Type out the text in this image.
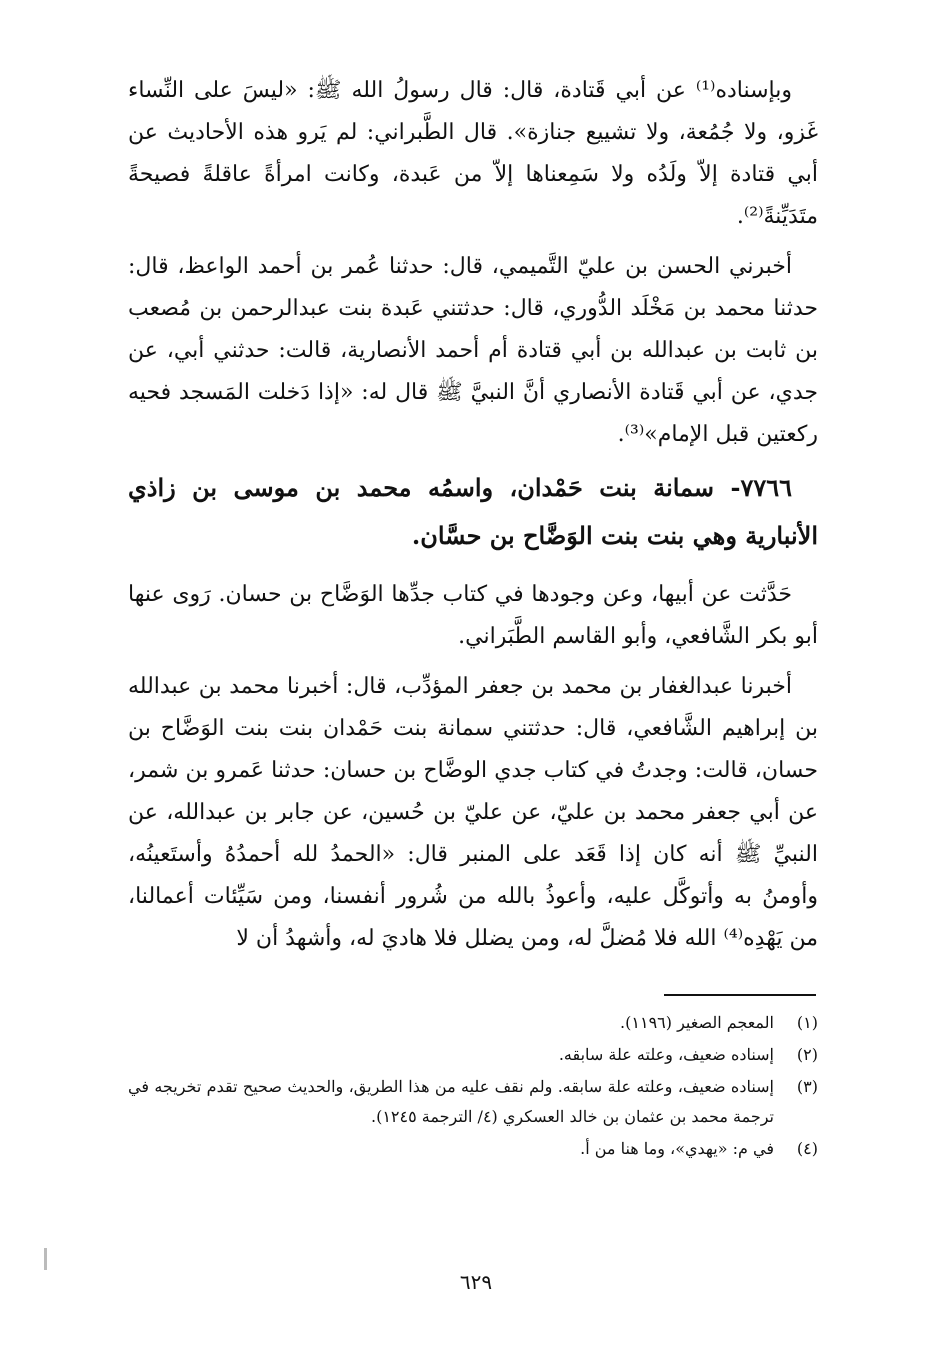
وبإسناده⁽¹⁾ عن أبي قَتادة، قال: قال رسولُ الله ﷺ: «ليسَ على النِّساء غَزو، ولا جُمُعة، ولا تشييع جنازة». قال الطَّبراني: لم يَرو هذه الأحاديث عن أبي قتادة إلاّ ولَدُه ولا سَمِعناها إلاّ من عَبدة، وكانت امرأةً عاقلةً فصيحةً متَدَيِّنةً⁽²⁾.

أخبرني الحسن بن عليّ التَّميمي، قال: حدثنا عُمر بن أحمد الواعظ، قال: حدثنا محمد بن مَخْلَد الدُّوري، قال: حدثتني عَبدة بنت عبدالرحمن بن مُصعب بن ثابت بن عبدالله بن أبي قتادة أم أحمد الأنصارية، قالت: حدثني أبي، عن جدي، عن أبي قَتادة الأنصاري أنَّ النبيَّ ﷺ قال له: «إذا دَخلت المَسجد فحيه ركعتين قبل الإمام»⁽³⁾.

٧٧٦٦- سمانة بنت حَمْدان، واسمُه محمد بن موسى بن زاذي الأنبارية وهي بنت بنت الوَضَّاح بن حسَّان.

حَدَّثت عن أبيها، وعن وجودها في كتاب جدِّها الوَضَّاح بن حسان. رَوى عنها أبو بكر الشَّافعي، وأبو القاسم الطَّبَراني.

أخبرنا عبدالغفار بن محمد بن جعفر المؤدِّب، قال: أخبرنا محمد بن عبدالله بن إبراهيم الشَّافعي، قال: حدثتني سمانة بنت حَمْدان بنت بنت الوَضَّاح بن حسان، قالت: وجدتُ في كتاب جدي الوضَّاح بن حسان: حدثنا عَمرو بن شمر، عن أبي جعفر محمد بن عليّ، عن عليّ بن حُسين، عن جابر بن عبدالله، عن النبيِّ ﷺ أنه كان إذا قَعَد على المنبر قال: «الحمدُ لله أحمدُهُ وأستَعينُه، وأومنُ به وأتوكَّل عليه، وأعوذُ بالله من شُرور أنفسنا، ومن سَيِّئات أعمالنا، من يَهْدِه⁽⁴⁾ الله فلا مُضلَّ له، ومن يضلل فلا هاديَ له، وأشهدُ أن لا

(١)
المعجم الصغير (١١٩٦).
(٢)
إسناده ضعيف، وعلته علة سابقه.
(٣)
إسناده ضعيف، وعلته علة سابقه. ولم نقف عليه من هذا الطريق، والحديث صحيح تقدم تخريجه في ترجمة محمد بن عثمان بن خالد العسكري (٤/ الترجمة ١٢٤٥).
(٤)
في م: «يهدي»، وما هنا من أ.
٦٢٩
